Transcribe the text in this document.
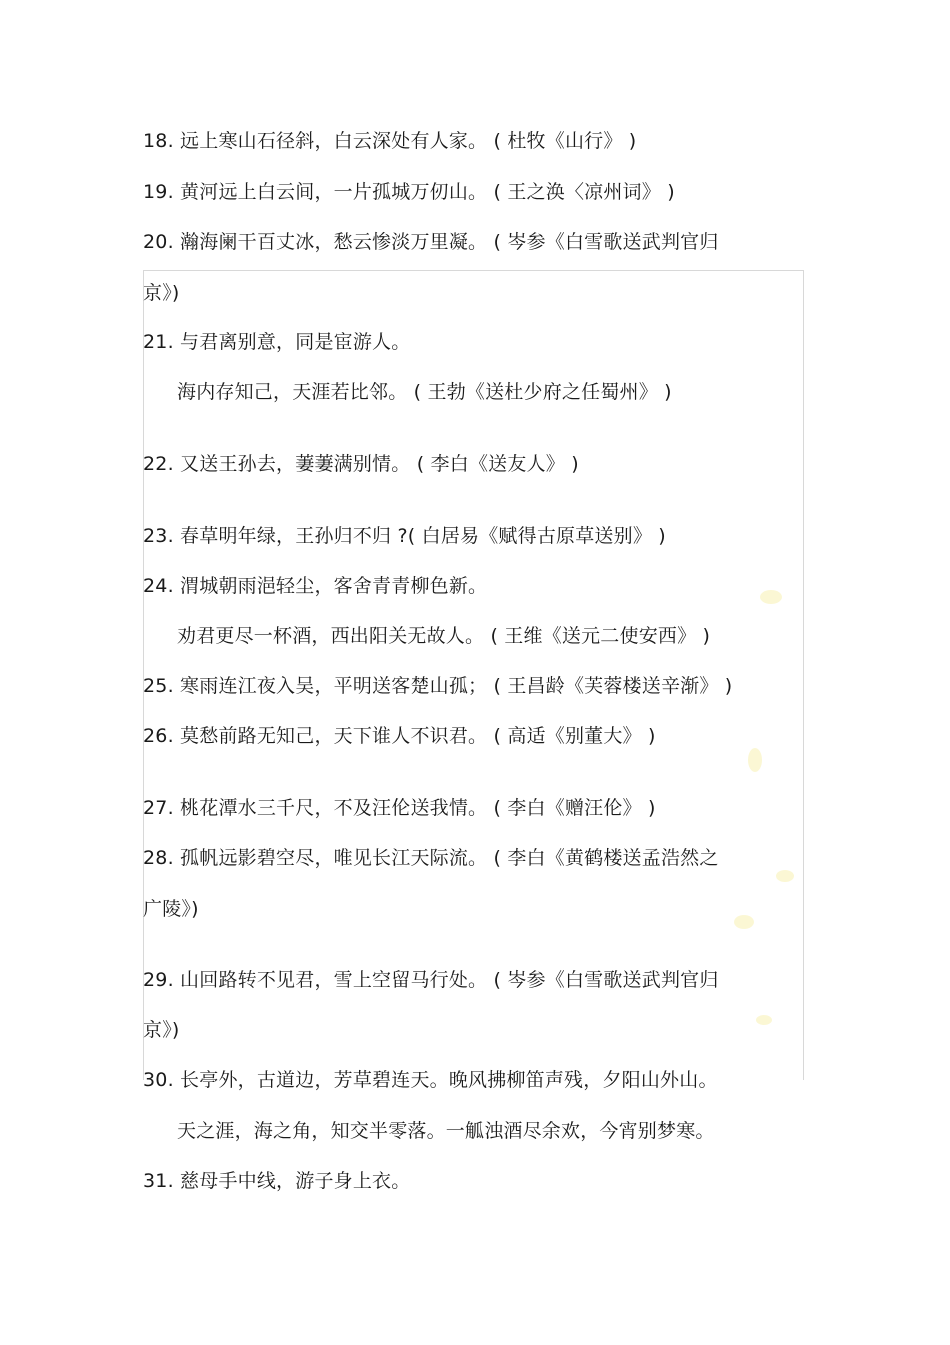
18. 远上寒山石径斜，白云深处有人家。 ( 杜牧《山行》 )
19. 黄河远上白云间，一片孤城万仞山。 ( 王之涣〈凉州词》 )
20. 瀚海阑干百丈冰，愁云惨淡万里凝。 ( 岑参《白雪歌送武判官归
京》)
21. 与君离别意，同是宦游人。
海内存知己，天涯若比邻。 ( 王勃《送杜少府之任蜀州》 )
22. 又送王孙去，萋萋满别情。 ( 李白《送友人》 )
23. 春草明年绿，王孙归不归 ?( 白居易《赋得古原草送别》 )
24. 渭城朝雨浥轻尘，客舍青青柳色新。
劝君更尽一杯酒，西出阳关无故人。 ( 王维《送元二使安西》 )
25. 寒雨连江夜入吴，平明送客楚山孤； ( 王昌龄《芙蓉楼送辛渐》 )
26. 莫愁前路无知己，天下谁人不识君。 ( 高适《别董大》 )
27. 桃花潭水三千尺，不及汪伦送我情。 ( 李白《赠汪伦》 )
28. 孤帆远影碧空尽，唯见长江天际流。 ( 李白《黄鹤楼送孟浩然之
广陵》)
29. 山回路转不见君，雪上空留马行处。 ( 岑参《白雪歌送武判官归
京》)
30. 长亭外，古道边，芳草碧连天。晚风拂柳笛声残，夕阳山外山。
天之涯，海之角，知交半零落。一觚浊酒尽余欢，今宵别梦寒。
31. 慈母手中线，游子身上衣。
